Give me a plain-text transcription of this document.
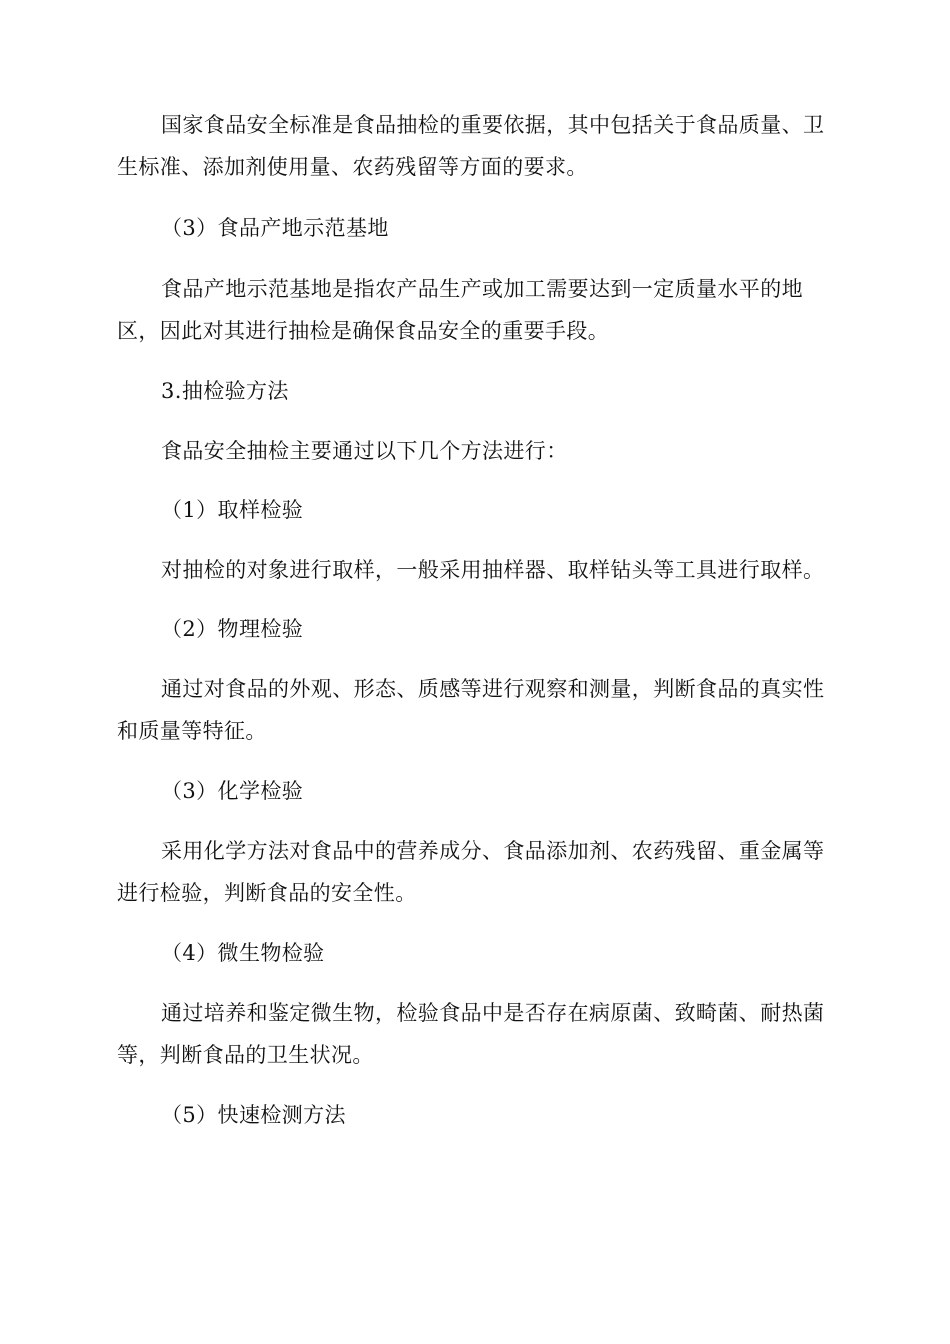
国家食品安全标准是食品抽检的重要依据，其中包括关于食品质量、卫生标准、添加剂使用量、农药残留等方面的要求。

（3）食品产地示范基地

食品产地示范基地是指农产品生产或加工需要达到一定质量水平的地区，因此对其进行抽检是确保食品安全的重要手段。

3.抽检验方法

食品安全抽检主要通过以下几个方法进行：

（1）取样检验

对抽检的对象进行取样，一般采用抽样器、取样钻头等工具进行取样。

（2）物理检验

通过对食品的外观、形态、质感等进行观察和测量，判断食品的真实性和质量等特征。

（3）化学检验

采用化学方法对食品中的营养成分、食品添加剂、农药残留、重金属等进行检验，判断食品的安全性。

（4）微生物检验

通过培养和鉴定微生物，检验食品中是否存在病原菌、致畸菌、耐热菌等，判断食品的卫生状况。

（5）快速检测方法
